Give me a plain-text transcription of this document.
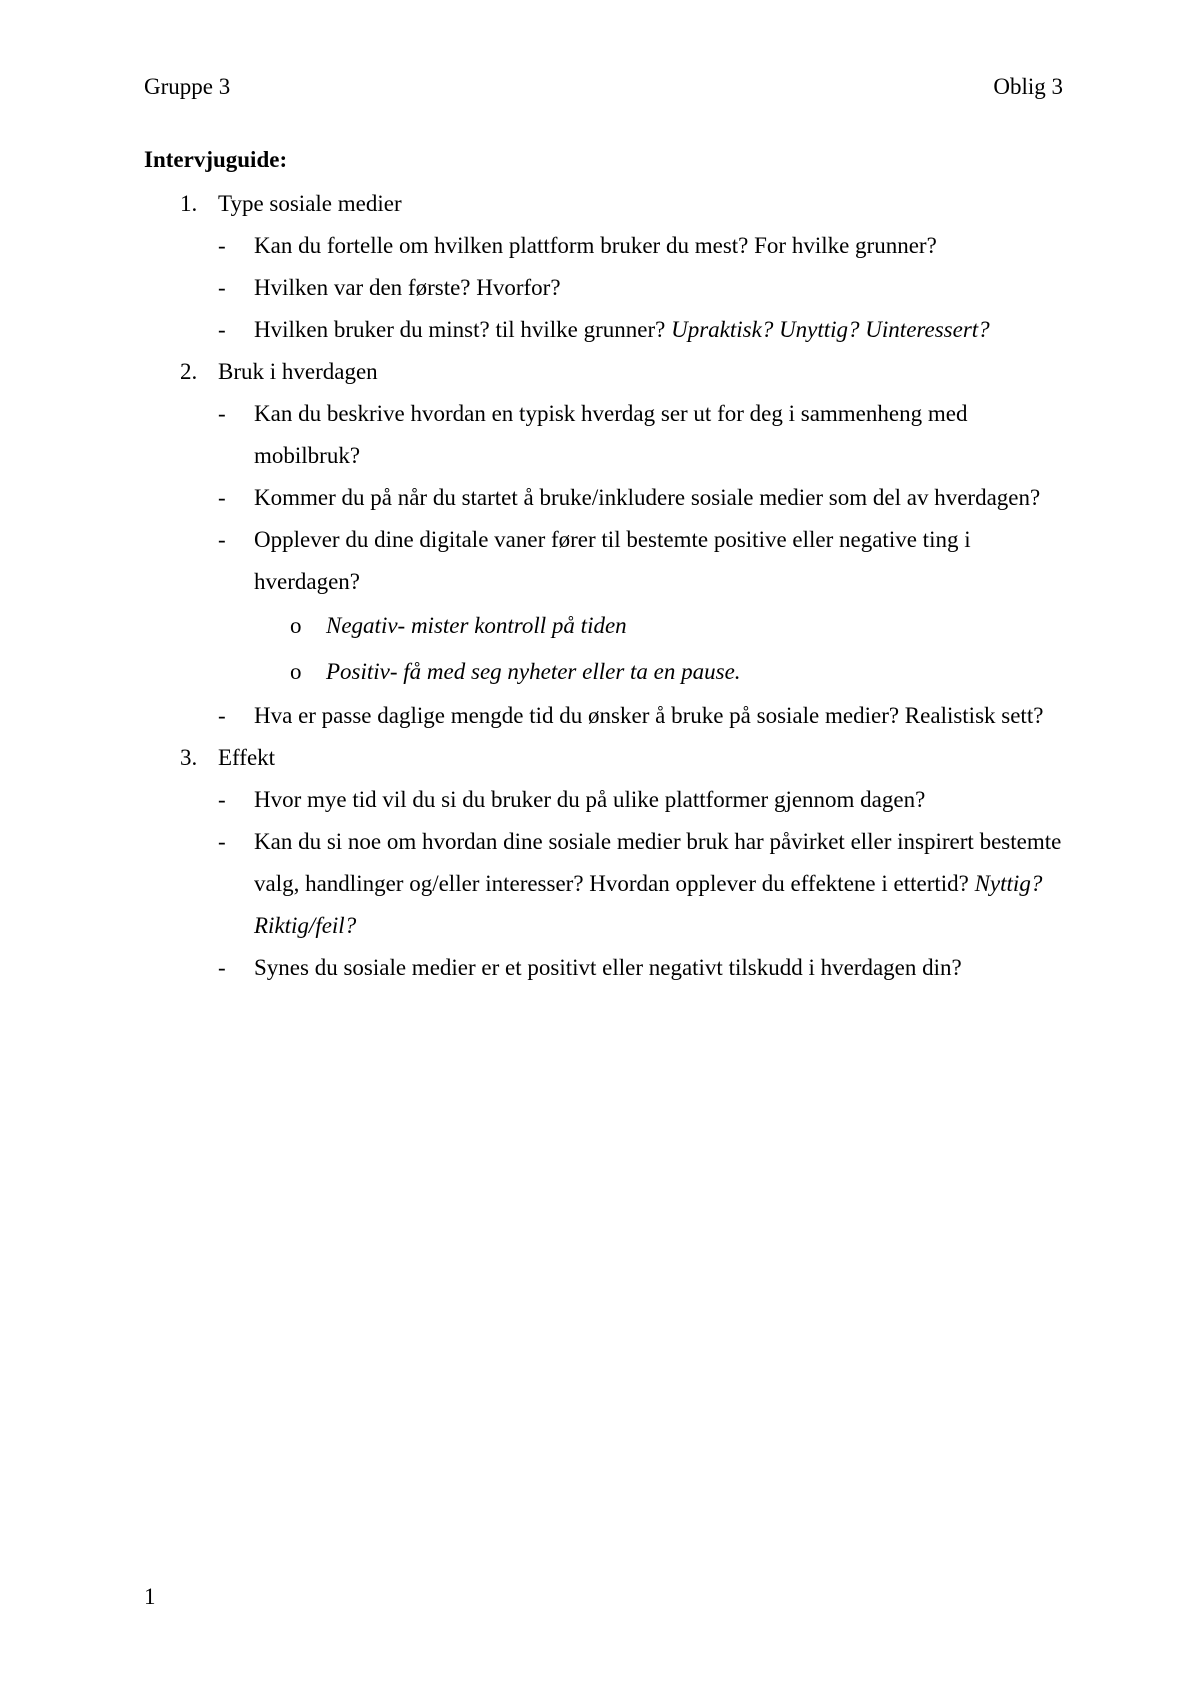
Gruppe 3	Oblig 3
Intervjuguide:
1. Type sosiale medier
- Kan du fortelle om hvilken plattform bruker du mest? For hvilke grunner?
- Hvilken var den første? Hvorfor?
- Hvilken bruker du minst? til hvilke grunner? Upraktisk? Unyttig? Uinteressert?
2. Bruk i hverdagen
- Kan du beskrive hvordan en typisk hverdag ser ut for deg i sammenheng med mobilbruk?
- Kommer du på når du startet å bruke/inkludere sosiale medier som del av hverdagen?
- Opplever du dine digitale vaner fører til bestemte positive eller negative ting i hverdagen?
o Negativ- mister kontroll på tiden
o Positiv- få med seg nyheter eller ta en pause.
- Hva er passe daglige mengde tid du ønsker å bruke på sosiale medier? Realistisk sett?
3. Effekt
- Hvor mye tid vil du si du bruker du på ulike plattformer gjennom dagen?
- Kan du si noe om hvordan dine sosiale medier bruk har påvirket eller inspirert bestemte valg, handlinger og/eller interesser? Hvordan opplever du effektene i ettertid? Nyttig? Riktig/feil?
- Synes du sosiale medier er et positivt eller negativt tilskudd i hverdagen din?
1
